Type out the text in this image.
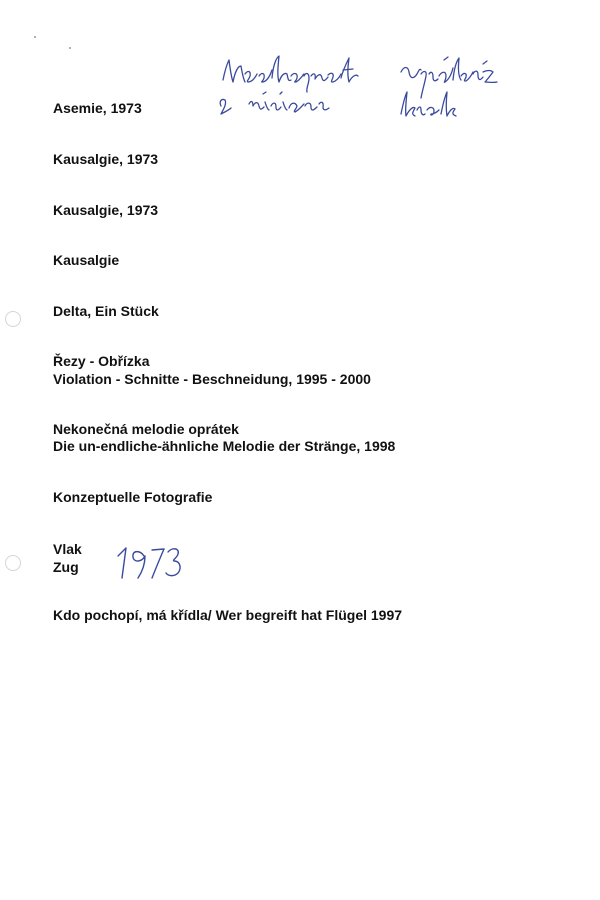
Asemie, 1973
Kausalgie, 1973
Kausalgie, 1973
Kausalgie
Delta, Ein Stück
Řezy - Obřízka
Violation - Schnitte - Beschneidung, 1995 - 2000
Nekonečná melodie oprátek
Die un-endliche-ähnliche Melodie der Stränge, 1998
Konzeptuelle Fotografie
Vlak
Zug
Kdo pochopí, má křídla/ Wer begreift hat Flügel 1997
